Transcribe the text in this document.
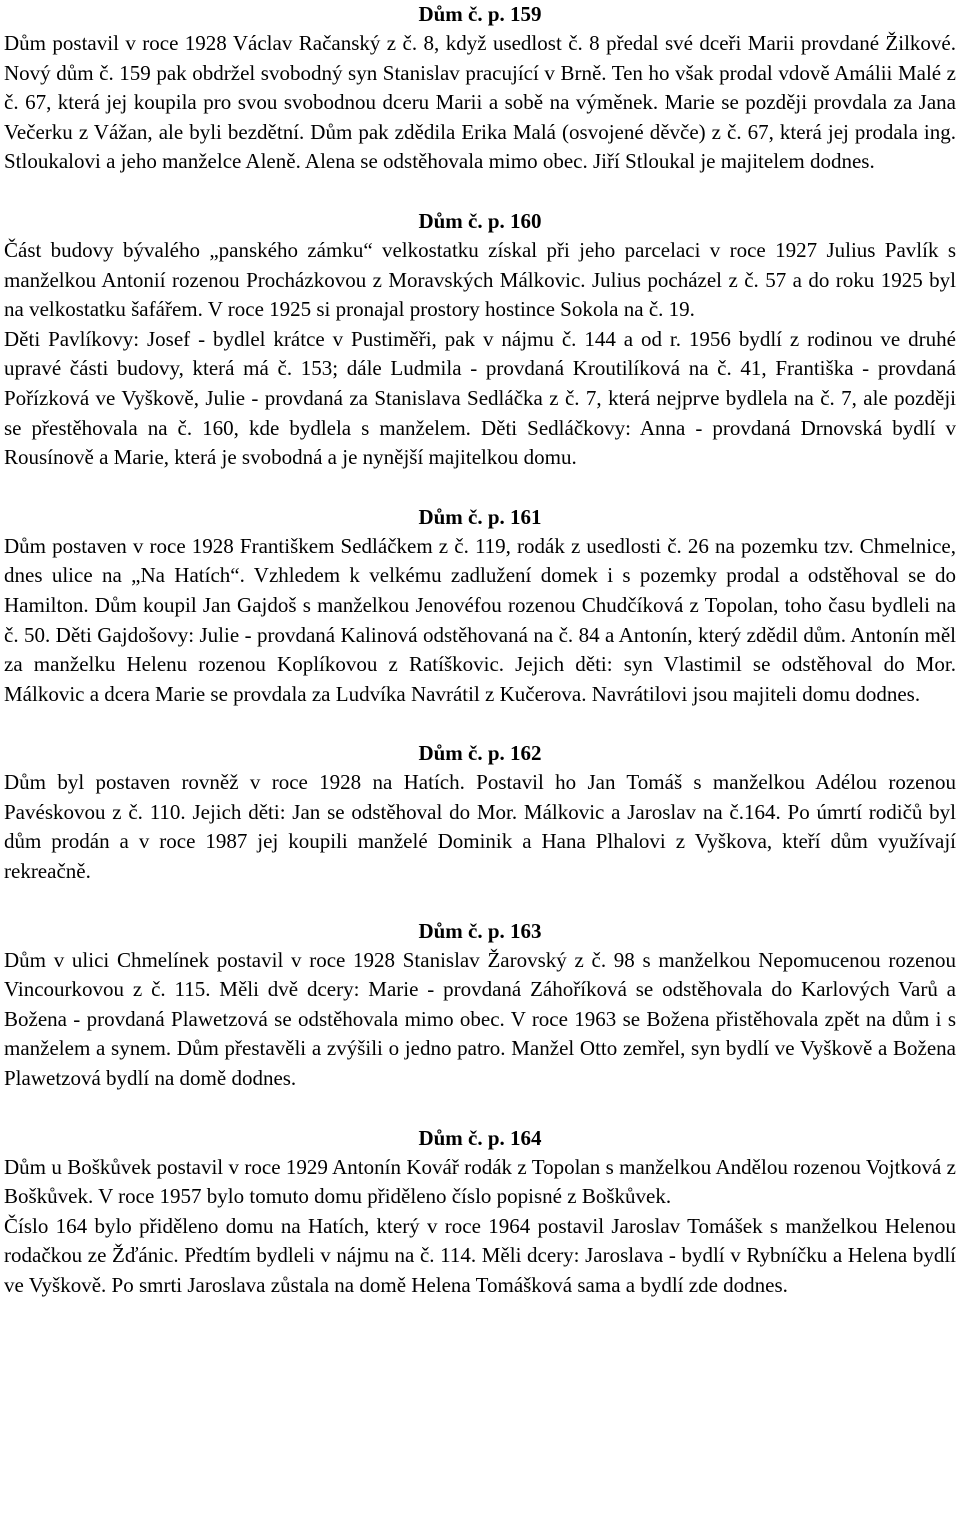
Dům č. p. 159

Dům postavil v roce 1928 Václav Račanský z č. 8, když usedlost č. 8 předal své dceři Marii provdané Žilkové. Nový dům č. 159 pak obdržel svobodný syn Stanislav pracující v Brně. Ten ho však prodal vdově Amálii Malé z č. 67, která jej koupila pro svou svobodnou dceru Marii a sobě na výměnek. Marie se později provdala za Jana Večerku z Vážan, ale byli bezdětní. Dům pak zdědila Erika Malá (osvojené děvče) z č. 67, která jej prodala ing. Stloukalovi a jeho manželce Aleně. Alena se odstěhovala mimo obec. Jiří Stloukal je majitelem dodnes.

Dům č. p. 160

Část budovy bývalého „panského zámku“ velkostatku získal při jeho parcelaci v roce 1927 Julius Pavlík s manželkou Antonií rozenou Procházkovou z Moravských Málkovic. Julius pocházel z č. 57 a do roku 1925 byl na velkostatku šafářem. V roce 1925 si pronajal prostory hostince Sokola na č. 19.

Děti Pavlíkovy: Josef - bydlel krátce v Pustiměři, pak v nájmu č. 144 a od r. 1956 bydlí z rodinou ve druhé upravé části budovy, která má č. 153; dále Ludmila - provdaná Kroutilíková na č. 41, Františka - provdaná Pořízková ve Vyškově, Julie - provdaná za Stanislava Sedláčka z č. 7, která nejprve bydlela na č. 7, ale později se přestěhovala na č. 160, kde bydlela s manželem. Děti Sedláčkovy: Anna - provdaná Drnovská bydlí v Rousínově a Marie, která je svobodná a je nynější majitelkou domu.

Dům č. p. 161

Dům postaven v roce 1928 Františkem Sedláčkem z č. 119, rodák z usedlosti č. 26 na pozemku tzv. Chmelnice, dnes ulice na „Na Hatích“. Vzhledem k velkému zadlužení domek i s pozemky prodal a odstěhoval se do Hamilton. Dům koupil Jan Gajdoš s manželkou Jenovéfou rozenou Chudčíková z Topolan, toho času bydleli na č. 50. Děti Gajdošovy: Julie - provdaná Kalinová odstěhovaná na č. 84 a Antonín, který zdědil dům. Antonín měl za manželku Helenu rozenou Koplíkovou z Ratíškovic. Jejich děti: syn Vlastimil se odstěhoval do Mor. Málkovic a dcera Marie se provdala za Ludvíka Navrátil z Kučerova. Navrátilovi jsou majiteli domu dodnes.

Dům č. p. 162

Dům byl postaven rovněž v roce 1928 na Hatích. Postavil ho Jan Tomáš s manželkou Adélou rozenou Pavéskovou z č. 110. Jejich děti: Jan se odstěhoval do Mor. Málkovic a Jaroslav na č.164. Po úmrtí rodičů byl dům prodán a v roce 1987 jej koupili manželé Dominik a Hana Plhalovi z Vyškova, kteří dům využívají rekreačně.

Dům č. p. 163

Dům v ulici Chmelínek postavil v roce 1928 Stanislav Žarovský z č. 98 s manželkou Nepomucenou rozenou Vincourkovou z č. 115. Měli dvě dcery: Marie - provdaná Záhoříková se odstěhovala do Karlových Varů a Božena - provdaná Plawetzová se odstěhovala mimo obec. V roce 1963 se Božena přistěhovala zpět na dům i s manželem a synem. Dům přestavěli a zvýšili o jedno patro. Manžel Otto zemřel, syn bydlí ve Vyškově a Božena Plawetzová bydlí na domě dodnes.

Dům č. p. 164

Dům u Boškůvek postavil v roce 1929 Antonín Kovář rodák z Topolan s manželkou Andělou rozenou Vojtková z Boškůvek. V roce 1957 bylo tomuto domu přiděleno číslo popisné z Boškůvek.

Číslo 164 bylo přiděleno domu na Hatích, který v roce 1964 postavil Jaroslav Tomášek s manželkou Helenou rodačkou ze Žďánic. Předtím bydleli v nájmu na č. 114. Měli dcery: Jaroslava - bydlí v Rybníčku a Helena bydlí ve Vyškově. Po smrti Jaroslava zůstala na domě Helena Tomášková sama a bydlí zde dodnes.
